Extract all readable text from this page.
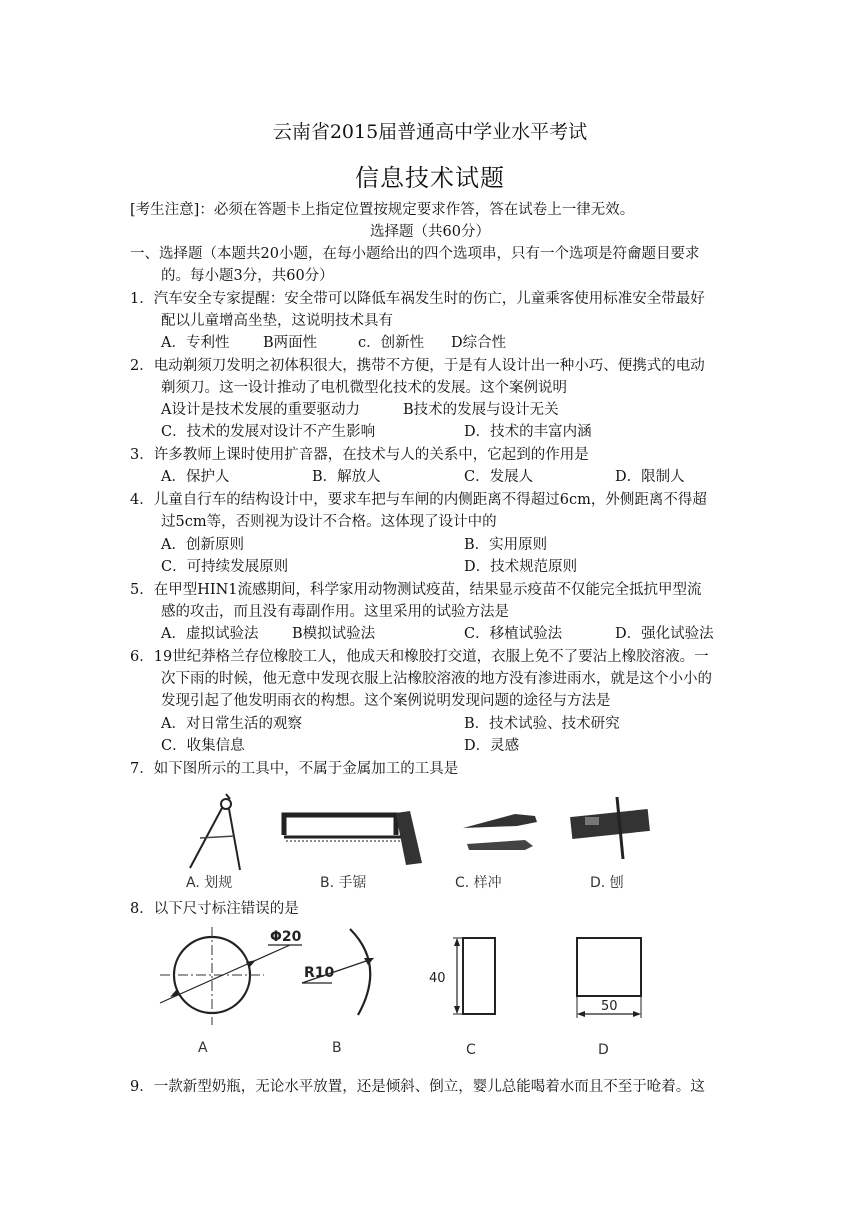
云南省2015届普通高中学业水平考试
信息技术试题
[考生注意]：必须在答题卡上指定位置按规定要求作答，答在试卷上一律无效。
选择题（共60分）
一、选择题（本题共20小题，在每小题给出的四个选项串，只有一个选项是符龠题目要求
的。每小题3分，共60分）
1．汽车安全专家提醒：安全带可以降低车祸发生时的伤亡，儿童乘客使用标准安全带最好
配以儿童增高坐垫，这说明技术具有
A．专利性 B两面性	c．创新性 D综合性
2．电动剃须刀发明之初体积很大，携带不方便，于是有人设计出一种小巧、便携式的电动
剃须刀。这一设计推动了电机微型化技术的发展。这个案例说明
A设计是技术发展的重要驱动力	B技术的发展与设计无关
C．技术的发展对设计不产生影响	D．技术的丰富内涵
3．许多教师上课时使用扩音器，在技术与人的关系中，它起到的作用是
A．保护人	B．解放人	C．发展人	D．限制人
4．儿童自行车的结构设计中，要求车把与车闸的内侧距离不得超过6cm，外侧距离不得超
过5cm等，否则视为设计不合格。这体现了设计中的
A．创新原则	B．实用原则
C．可持续发展原则	D．技术规范原则
5．在甲型HIN1流感期间，科学家用动物测试疫苗，结果显示疫苗不仅能完全抵抗甲型流
感的攻击，而且没有毒副作用。这里采用的试验方法是
A．虚拟试验法 B模拟试验法	C．移植试验法	D．强化试验法
6．19世纪莽格兰存位橡胶工人，他成天和橡胶打交道，衣服上免不了要沾上橡胶溶液。一
次下雨的时候，他无意中发现衣服上沾橡胶溶液的地方没有渗进雨水，就是这个小小的
发现引起了他发明雨衣的构想。这个案例说明发现问题的途径与方法是
A．对日常生活的观察	B．技术试验、技术研究
C．收集信息	D．灵感
7．如下图所示的工具中，不属于金属加工的工具是
A. 划规	B. 手锯	C. 样冲	D. 刨
8．以下尺寸标注错误的是
Φ20
A
R10
B
40
C
50
D
9．一款新型奶瓶，无论水平放置，还是倾斜、倒立，婴儿总能喝着水而且不至于呛着。这
